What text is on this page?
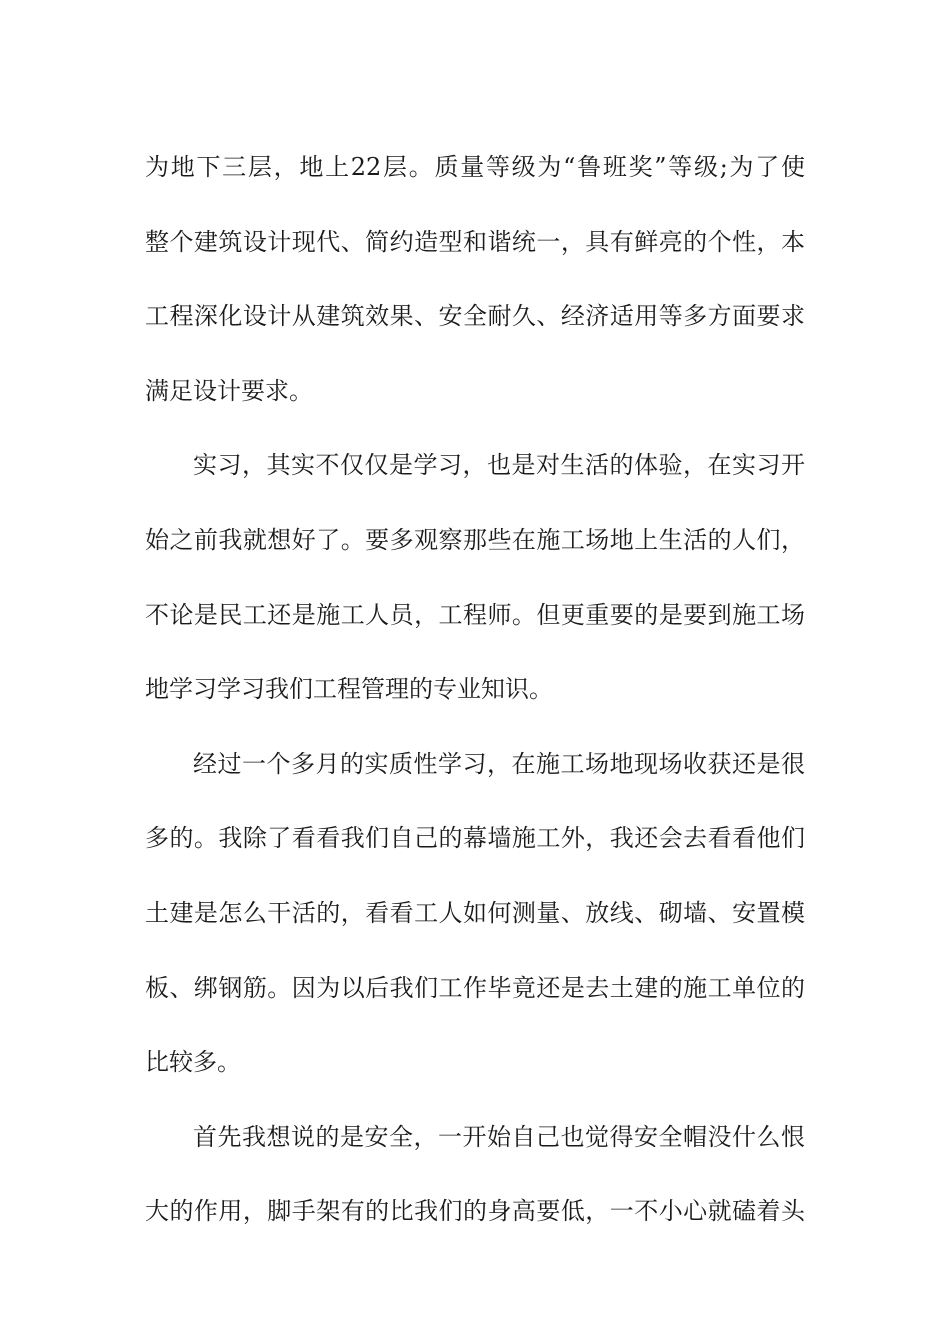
为地下三层，地上22层。质量等级为“鲁班奖”等级;为了使
整个建筑设计现代、简约造型和谐统一，具有鲜亮的个性，本
工程深化设计从建筑效果、安全耐久、经济适用等多方面要求
满足设计要求。
实习，其实不仅仅是学习，也是对生活的体验，在实习开
始之前我就想好了。要多观察那些在施工场地上生活的人们，
不论是民工还是施工人员，工程师。但更重要的是要到施工场
地学习学习我们工程管理的专业知识。
经过一个多月的实质性学习，在施工场地现场收获还是很
多的。我除了看看我们自己的幕墙施工外，我还会去看看他们
土建是怎么干活的，看看工人如何测量、放线、砌墙、安置模
板、绑钢筋。因为以后我们工作毕竟还是去土建的施工单位的
比较多。
首先我想说的是安全，一开始自己也觉得安全帽没什么恨
大的作用，脚手架有的比我们的身高要低，一不小心就磕着头
